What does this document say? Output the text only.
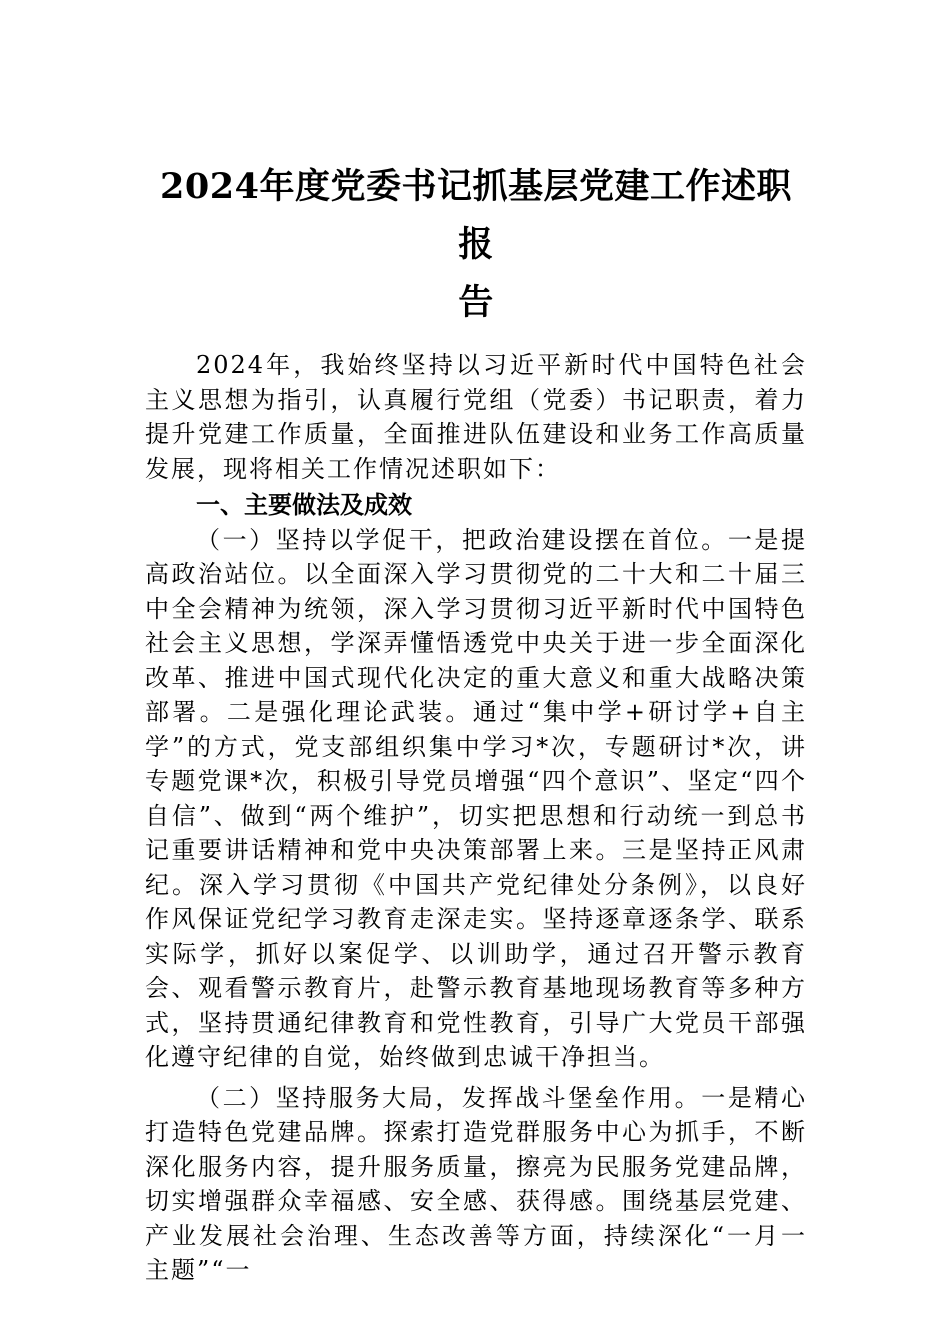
2024年度党委书记抓基层党建工作述职报
告

2024年，我始终坚持以习近平新时代中国特色社会主义思想为指引，认真履行党组（党委）书记职责，着力提升党建工作质量，全面推进队伍建设和业务工作高质量发展，现将相关工作情况述职如下：

一、主要做法及成效

（一）坚持以学促干，把政治建设摆在首位。一是提高政治站位。以全面深入学习贯彻党的二十大和二十届三中全会精神为统领，深入学习贯彻习近平新时代中国特色社会主义思想，学深弄懂悟透党中央关于进一步全面深化改革、推进中国式现代化决定的重大意义和重大战略决策部署。二是强化理论武装。通过“集中学+研讨学+自主学”的方式，党支部组织集中学习*次，专题研讨*次，讲专题党课*次，积极引导党员增强“四个意识”、坚定“四个自信”、做到“两个维护”，切实把思想和行动统一到总书记重要讲话精神和党中央决策部署上来。三是坚持正风肃纪。深入学习贯彻《中国共产党纪律处分条例》，以良好作风保证党纪学习教育走深走实。坚持逐章逐条学、联系实际学，抓好以案促学、以训助学，通过召开警示教育会、观看警示教育片，赴警示教育基地现场教育等多种方式，坚持贯通纪律教育和党性教育，引导广大党员干部强化遵守纪律的自觉，始终做到忠诚干净担当。

（二）坚持服务大局，发挥战斗堡垒作用。一是精心打造特色党建品牌。探索打造党群服务中心为抓手，不断深化服务内容，提升服务质量，擦亮为民服务党建品牌，切实增强群众幸福感、安全感、获得感。围绕基层党建、产业发展社会治理、生态改善等方面，持续深化“一月一主题”“一
